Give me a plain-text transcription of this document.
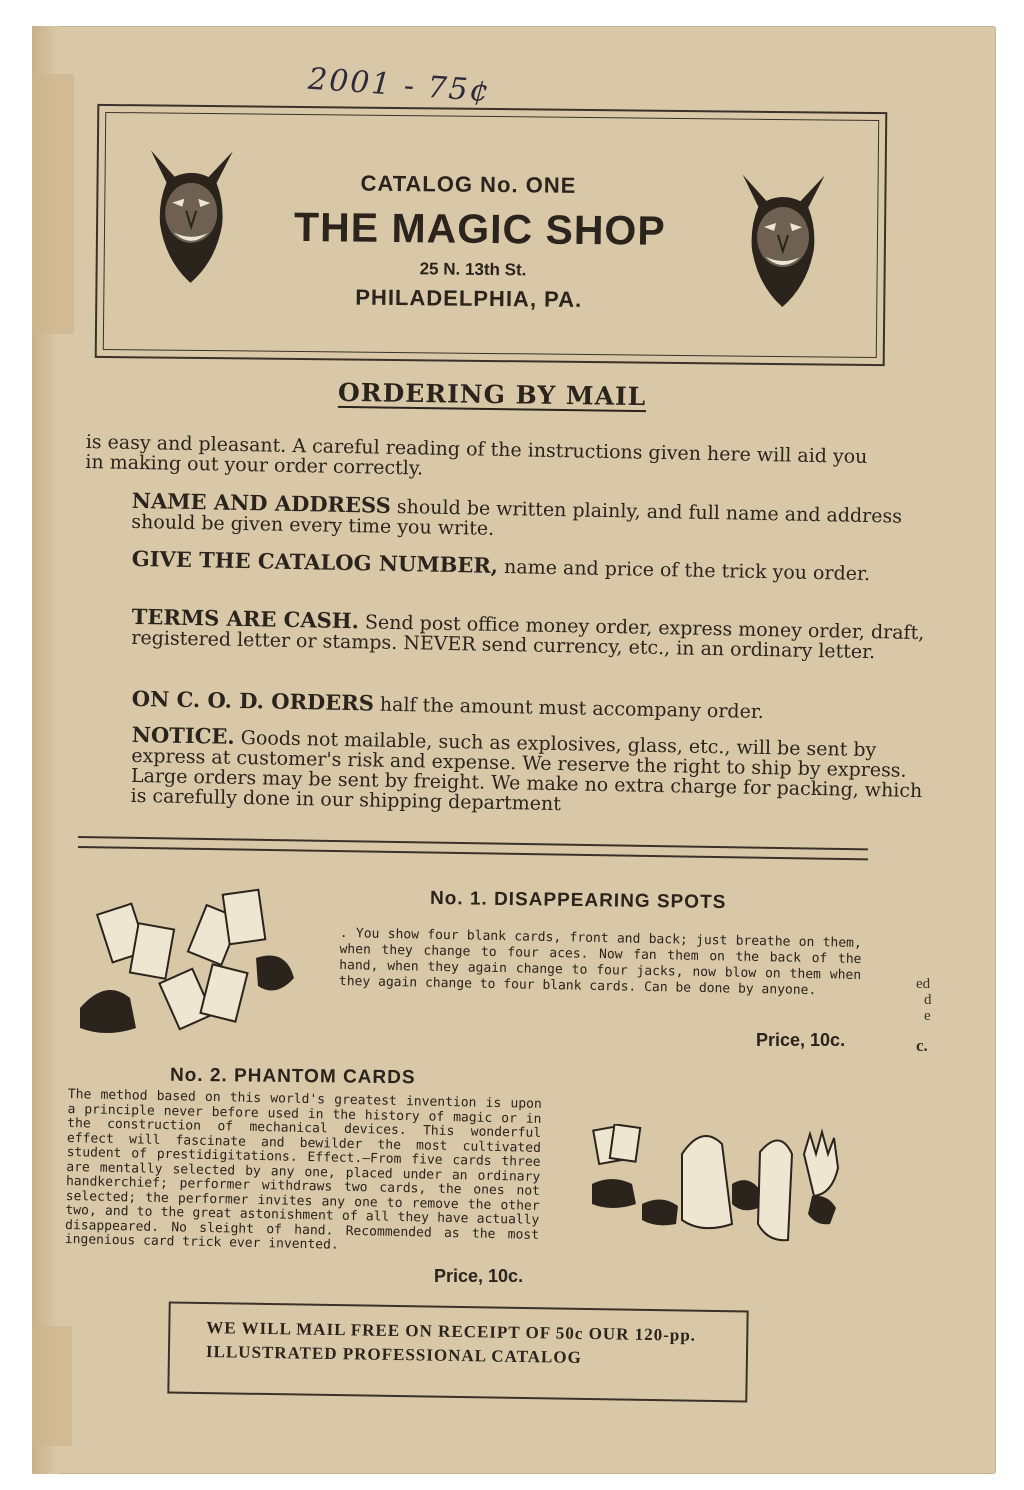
2001 - 75¢
CATALOG No. ONE
THE MAGIC SHOP
25 N. 13th St.
PHILADELPHIA, PA.
ORDERING BY MAIL
is easy and pleasant. A careful reading of the instructions given here will aid you in making out your order correctly.
NAME AND ADDRESS should be written plainly, and full name and address should be given every time you write.
GIVE THE CATALOG NUMBER, name and price of the trick you order.
TERMS ARE CASH. Send post office money order, express money order, draft, registered letter or stamps. NEVER send currency, etc., in an ordinary letter.
ON C. O. D. ORDERS half the amount must accompany order.
NOTICE. Goods not mailable, such as explosives, glass, etc., will be sent by express at customer's risk and expense. We reserve the right to ship by express. Large orders may be sent by freight. We make no extra charge for packing, which is carefully done in our shipping department
No. 1. DISAPPEARING SPOTS
. You show four blank cards, front and back; just breathe on them, when they change to four aces. Now fan them on the back of the hand, when they again change to four jacks, now blow on them when they again change to four blank cards. Can be done by anyone.
Price, 10c.
No. 2. PHANTOM CARDS
The method based on this world's greatest invention is upon a principle never before used in the history of magic or in the construction of mechanical devices. This wonderful effect will fascinate and bewilder the most cultivated student of prestidigitations. Effect.—From five cards three are mentally selected by any one, placed under an ordinary handkerchief; performer withdraws two cards, the ones not selected; the performer invites any one to remove the other two, and to the great astonishment of all they have actually disappeared. No sleight of hand. Recommended as the most ingenious card trick ever invented.
Price, 10c.
ed
d
e
c.
WE WILL MAIL FREE ON RECEIPT OF 50c OUR 120-pp. ILLUSTRATED PROFESSIONAL CATALOG
